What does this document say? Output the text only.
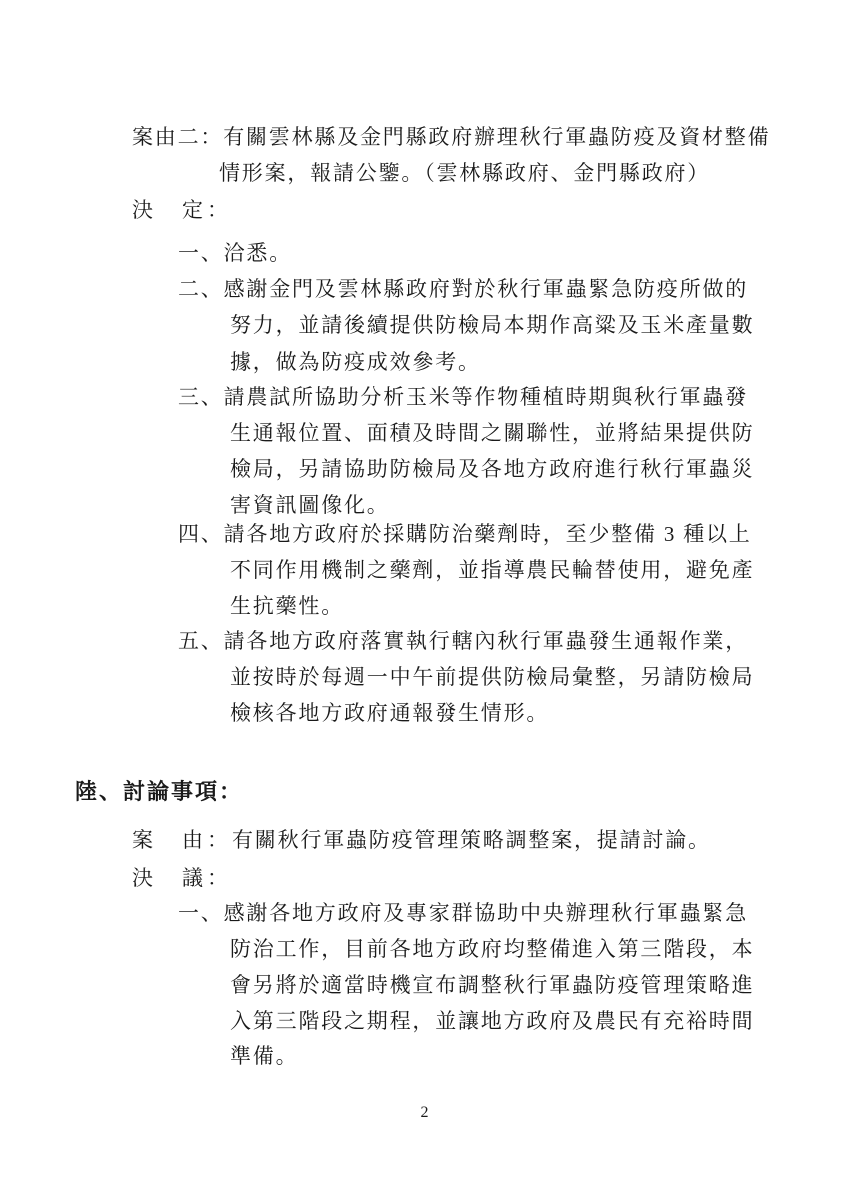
案由二：有關雲林縣及金門縣政府辦理秋行軍蟲防疫及資材整備
情形案，報請公鑒。（雲林縣政府、金門縣政府）
決　定：
一、洽悉。
二、感謝金門及雲林縣政府對於秋行軍蟲緊急防疫所做的
努力，並請後續提供防檢局本期作高粱及玉米產量數
據，做為防疫成效參考。
三、請農試所協助分析玉米等作物種植時期與秋行軍蟲發
生通報位置、面積及時間之關聯性，並將結果提供防
檢局，另請協助防檢局及各地方政府進行秋行軍蟲災
害資訊圖像化。
四、請各地方政府於採購防治藥劑時，至少整備 3 種以上
不同作用機制之藥劑，並指導農民輪替使用，避免產
生抗藥性。
五、請各地方政府落實執行轄內秋行軍蟲發生通報作業，
並按時於每週一中午前提供防檢局彙整，另請防檢局
檢核各地方政府通報發生情形。
陸、討論事項：
案　由：有關秋行軍蟲防疫管理策略調整案，提請討論。
決　議：
一、感謝各地方政府及專家群協助中央辦理秋行軍蟲緊急
防治工作，目前各地方政府均整備進入第三階段，本
會另將於適當時機宣布調整秋行軍蟲防疫管理策略進
入第三階段之期程，並讓地方政府及農民有充裕時間
準備。
2
